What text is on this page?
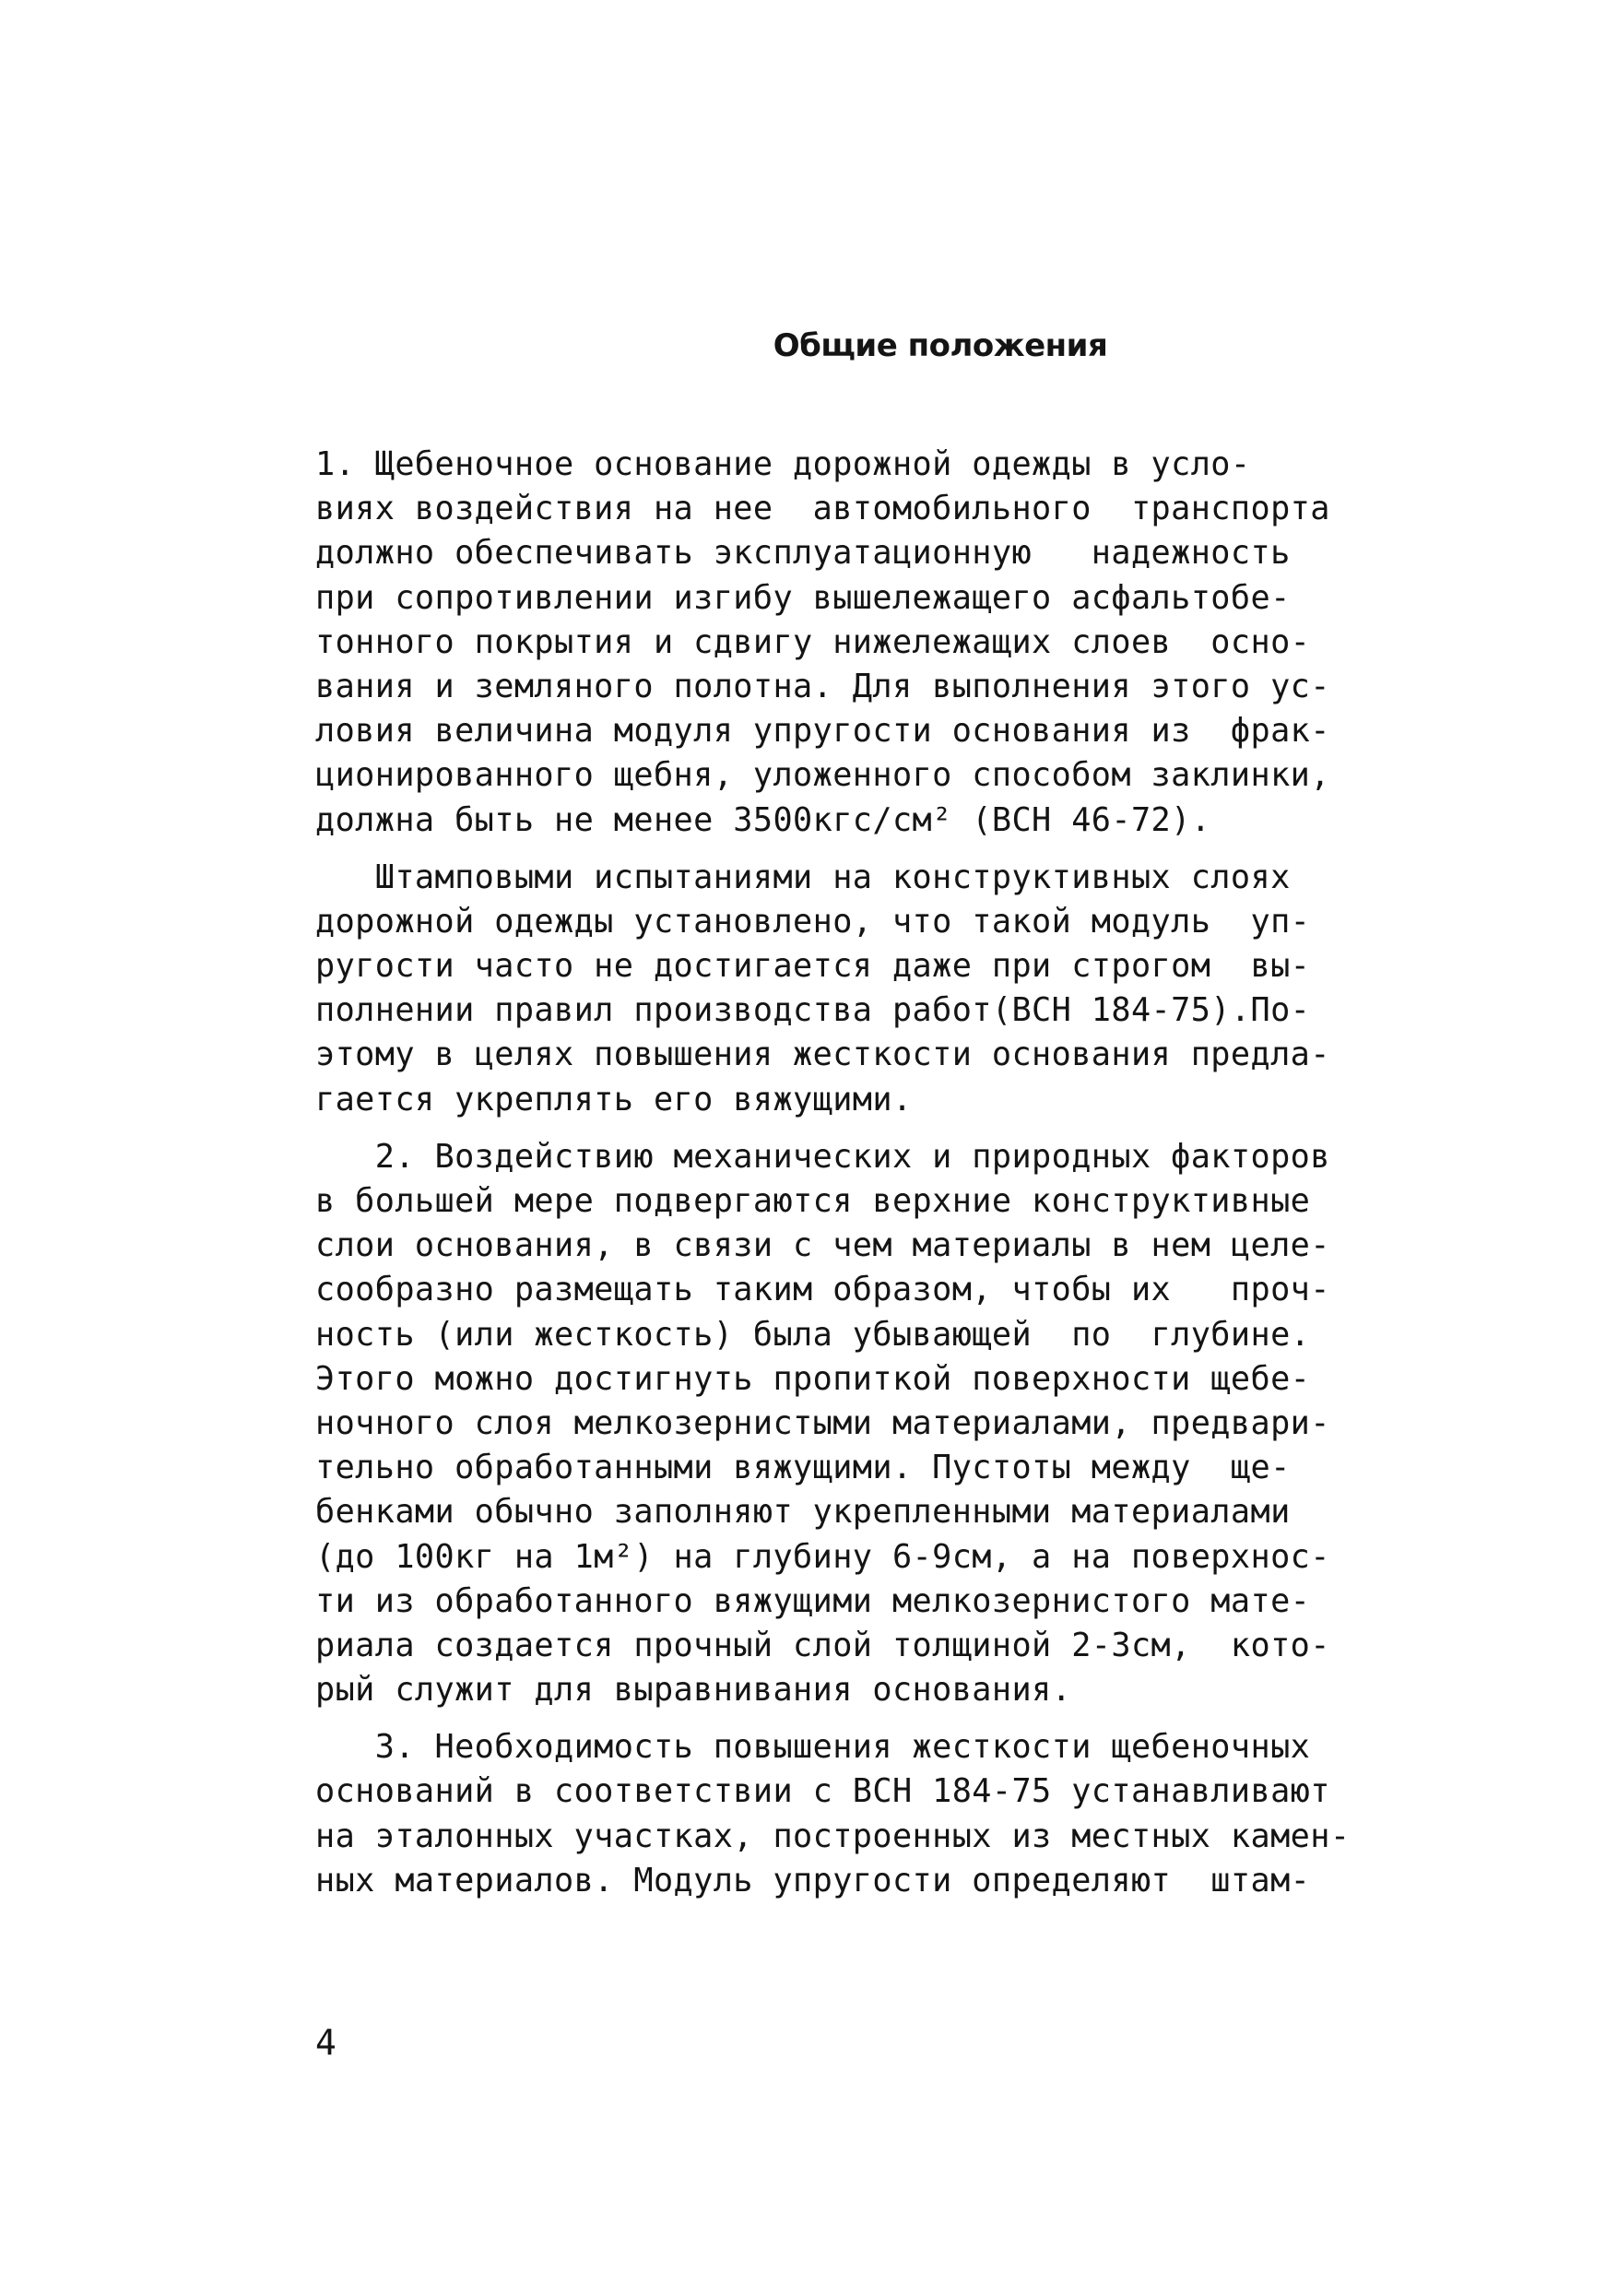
Общие положения
1. Щебеночное основание дорожной одежды в усло-
виях воздействия на нее  автомобильного  транспорта
должно обеспечивать эксплуатационную   надежность
при сопротивлении изгибу вышележащего асфальтобе-
тонного покрытия и сдвигу нижележащих слоев  осно-
вания и земляного полотна. Для выполнения этого ус-
ловия величина модуля упругости основания из  фрак-
ционированного щебня, уложенного способом заклинки,
должна быть не менее 3500кгс/см² (ВСН 46-72).
Штамповыми испытаниями на конструктивных слоях
дорожной одежды установлено, что такой модуль  уп-
ругости часто не достигается даже при строгом  вы-
полнении правил производства работ(ВСН 184-75).По-
этому в целях повышения жесткости основания предла-
гается укреплять его вяжущими.
2. Воздействию механических и природных факторов
в большей мере подвергаются верхние конструктивные
слои основания, в связи с чем материалы в нем целе-
сообразно размещать таким образом, чтобы их   проч-
ность (или жесткость) была убывающей  по  глубине.
Этого можно достигнуть пропиткой поверхности щебе-
ночного слоя мелкозернистыми материалами, предвари-
тельно обработанными вяжущими. Пустоты между  ще-
бенками обычно заполняют укрепленными материалами
(до 100кг на 1м²) на глубину 6-9см, а на поверхнос-
ти из обработанного вяжущими мелкозернистого мате-
риала создается прочный слой толщиной 2-3см,  кото-
рый служит для выравнивания основания.
3. Необходимость повышения жесткости щебеночных
оснований в соответствии с ВСН 184-75 устанавливают
на эталонных участках, построенных из местных камен-
ных материалов. Модуль упругости определяют  штам-
4
